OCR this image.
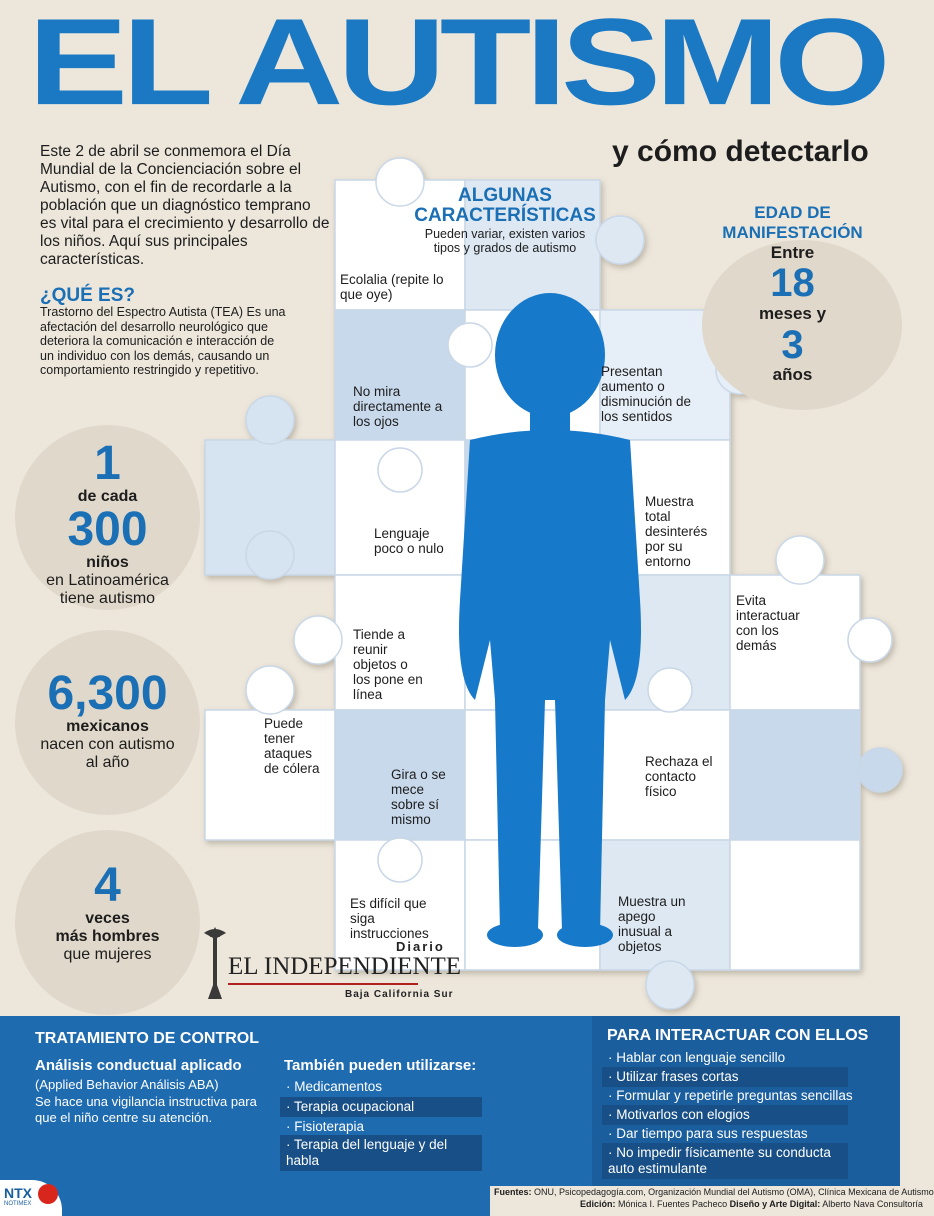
EL AUTISMO
y cómo detectarlo
Este 2 de abril se conmemora el Día Mundial de la Concienciación sobre el Autismo, con el fin de recordarle a la población que un diagnóstico temprano es vital para el crecimiento y desarrollo de los niños. Aquí sus principales características.
¿QUÉ ES?
Trastorno del Espectro Autista (TEA) Es una afectación del desarrollo neurológico que deteriora la comunicación e interacción de un individuo con los demás, causando un comportamiento restringido y repetitivo.
ALGUNAS CARACTERÍSTICAS
Pueden variar, existen varios tipos y grados de autismo
Ecolalia (repite lo que oye)
No mira directamente a los ojos
Presentan aumento o disminución de los sentidos
Lenguaje poco o nulo
Muestra total desinterés por su entorno
Evita interactuar con los demás
Tiende a reunir objetos o los pone en línea
Puede tener ataques de cólera	Gira o se mece sobre sí mismo
Rechaza el contacto físico
Es difícil que siga instrucciones
Muestra un apego inusual a objetos
EDAD DE MANIFESTACIÓN
Entre
18
meses y
3
años
1
de cada
300
niños
en Latinoamérica
tiene autismo
6,300
mexicanos
nacen con autismo
al año
4
veces
más hombres
que mujeres	Diario
EL INDEPENDIENTE
Baja California Sur
TRATAMIENTO DE CONTROL
Análisis conductual aplicado
(Applied Behavior Análisis ABA)
Se hace una vigilancia instructiva para que el niño centre su atención.
También pueden utilizarse:
· Medicamentos
· Terapia ocupacional
· Fisioterapia
· Terapia del lenguaje y del habla
PARA INTERACTUAR CON ELLOS
· Hablar con lenguaje sencillo
· Utilizar frases cortas
· Formular y repetirle preguntas sencillas
· Motivarlos con elogios
· Dar tiempo para sus respuestas
· No impedir físicamente su conducta auto estimulante
Fuentes: ONU, Psicopedagogía.com, Organización Mundial del Autismo (OMA), Clínica Mexicana de Autismo
Edición: Mónica I. Fuentes Pacheco Diseño y Arte Digital: Alberto Nava Consultoría
NTX
NOTIMEX
